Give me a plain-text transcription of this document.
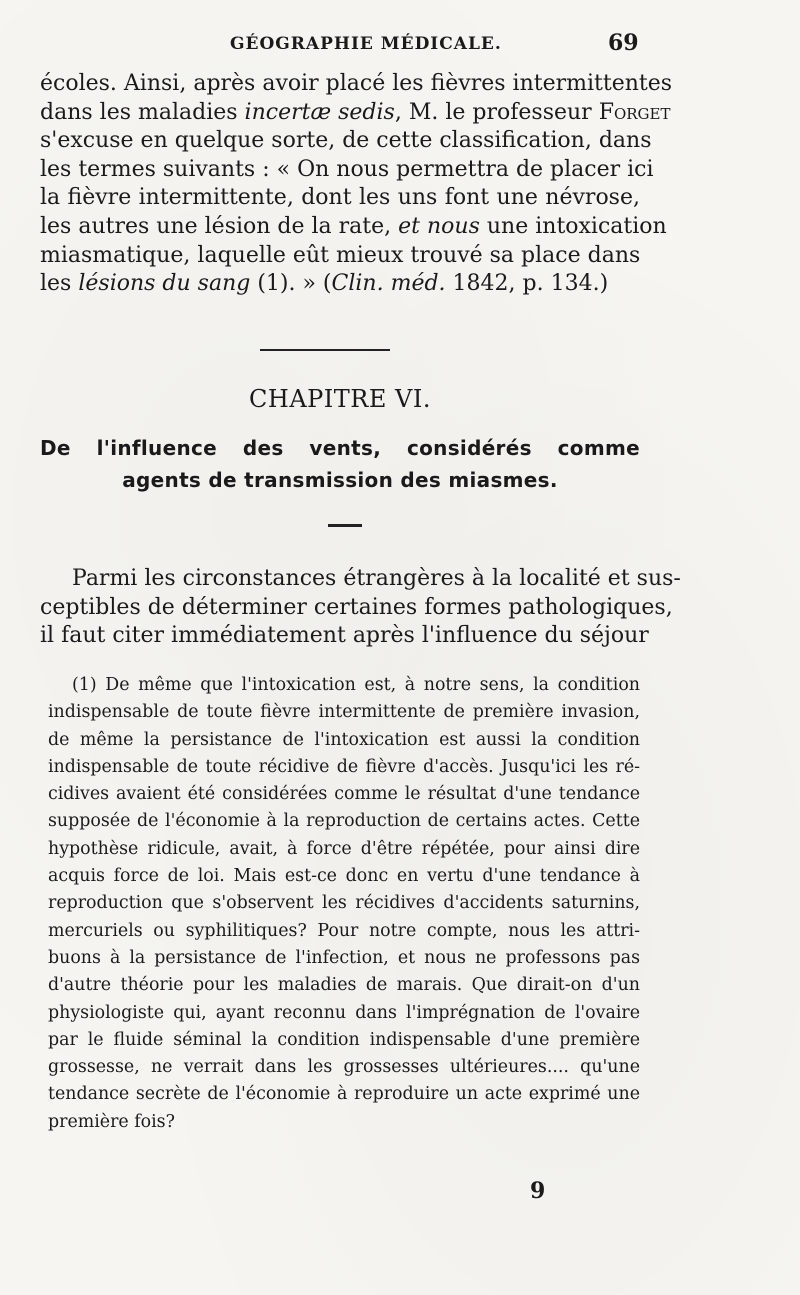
GÉOGRAPHIE MÉDICALE.	69
écoles. Ainsi, après avoir placé les fièvres intermittentes
dans les maladies incertæ sedis, M. le professeur Forget
s'excuse en quelque sorte, de cette classification, dans
les termes suivants : « On nous permettra de placer ici
la fièvre intermittente, dont les uns font une névrose,
les autres une lésion de la rate, et nous une intoxication
miasmatique, laquelle eût mieux trouvé sa place dans
les lésions du sang (1). » (Clin. méd. 1842, p. 134.)
CHAPITRE VI.
De l'influence des vents, considérés comme
agents de transmission des miasmes.
Parmi les circonstances étrangères à la localité et sus-
ceptibles de déterminer certaines formes pathologiques,
il faut citer immédiatement après l'influence du séjour
(1) De même que l'intoxication est, à notre sens, la condition
indispensable de toute fièvre intermittente de première invasion,
de même la persistance de l'intoxication est aussi la condition
indispensable de toute récidive de fièvre d'accès. Jusqu'ici les ré-
cidives avaient été considérées comme le résultat d'une tendance
supposée de l'économie à la reproduction de certains actes. Cette
hypothèse ridicule, avait, à force d'être répétée, pour ainsi dire
acquis force de loi. Mais est-ce donc en vertu d'une tendance à
reproduction que s'observent les récidives d'accidents saturnins,
mercuriels ou syphilitiques? Pour notre compte, nous les attri-
buons à la persistance de l'infection, et nous ne professons pas
d'autre théorie pour les maladies de marais. Que dirait-on d'un
physiologiste qui, ayant reconnu dans l'imprégnation de l'ovaire
par le fluide séminal la condition indispensable d'une première
grossesse, ne verrait dans les grossesses ultérieures.... qu'une
tendance secrète de l'économie à reproduire un acte exprimé une
première fois?
9
